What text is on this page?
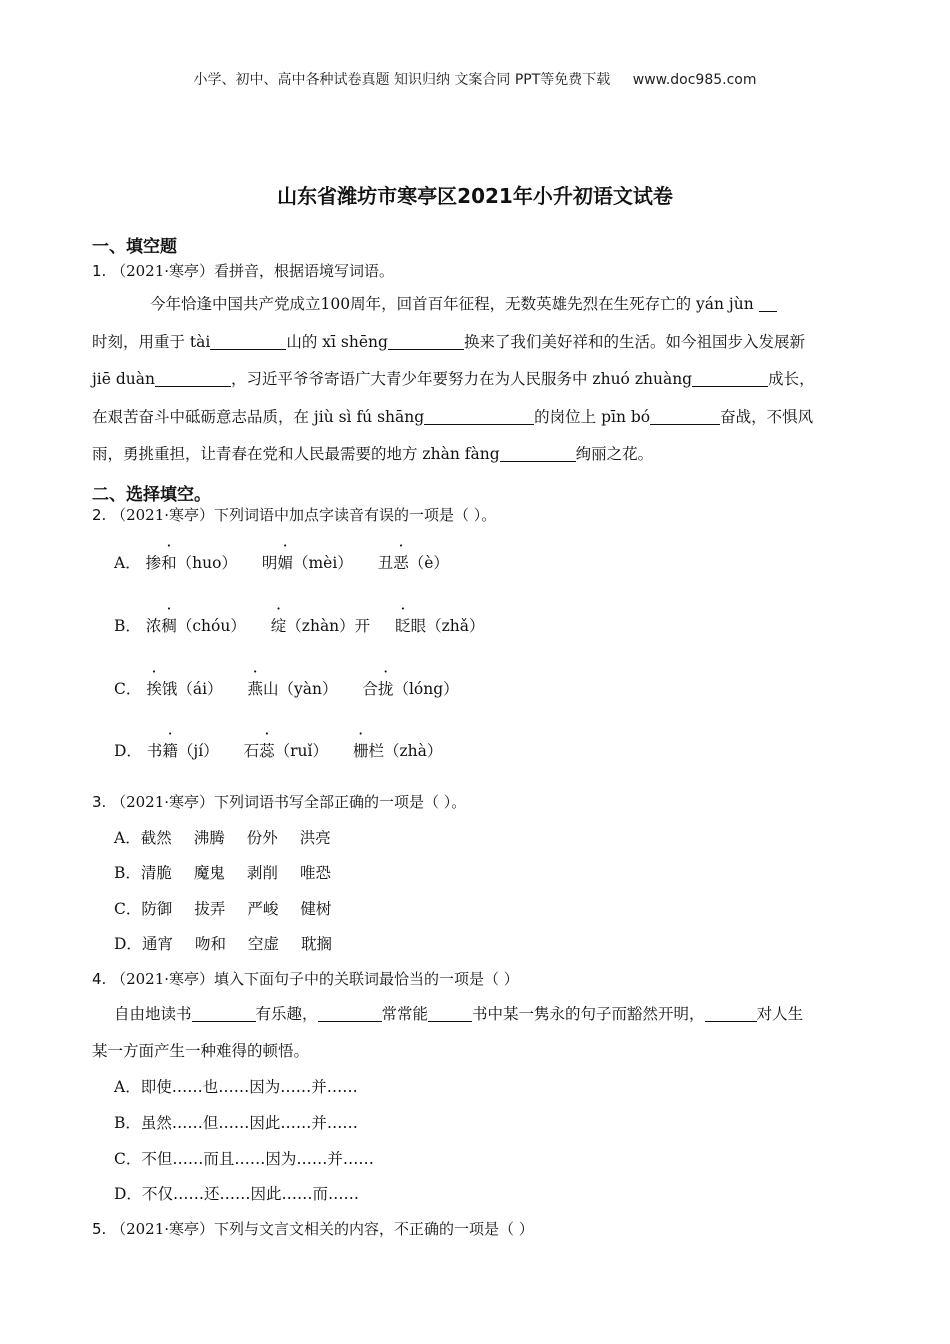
小学、初中、高中各种试卷真题 知识归纳 文案合同 PPT等免费下载 www.doc985.com
山东省潍坊市寒亭区2021年小升初语文试卷
一、填空题
1. （2021·寒亭）看拼音，根据语境写词语。
今年恰逢中国共产党成立100周年，回首百年征程，无数英雄先烈在生死存亡的 yán jùn
时刻，用重于 tài	山的 xī shēng	换来了我们美好祥和的生活。如今祖国步入发展新
jiē duàn	，习近平爷爷寄语广大青少年要努力在为人民服务中 zhuó zhuàng	成长，
在艰苦奋斗中砥砺意志品质，在 jiù sì fú shāng	的岗位上 pīn bó	奋战，不惧风
雨，勇挑重担，让青春在党和人民最需要的地方 zhàn fàng	绚丽之花。
二、选择填空。
2. （2021·寒亭）下列词语中加点字读音有误的一项是（ ）。
A． 掺和（huo） 明媚（mèi） 丑恶（è）
B． 浓稠（chóu） 绽（zhàn）开 眨眼（zhǎ）
C． 挨饿（ái） 燕山（yàn） 合拢（lóng）
D． 书籍（jí） 石蕊（ruǐ） 栅栏（zhà）
3. （2021·寒亭）下列词语书写全部正确的一项是（ ）。
A．截然 沸腾 份外 洪亮
B．清脆 魔鬼 剥削 唯恐
C．防御 拔弄 严峻 健树
D．通宵 吻和 空虚 耽搁
4. （2021·寒亭）填入下面句子中的关联词最恰当的一项是（ ）
自由地读书	有乐趣，	常常能	书中某一隽永的句子而豁然开明，	对人生
某一方面产生一种难得的顿悟。
A．即使……也……因为……并……
B．虽然……但……因此……并……
C．不但……而且……因为……并……
D．不仅……还……因此……而……
5. （2021·寒亭）下列与文言文相关的内容，不正确的一项是（ ）
